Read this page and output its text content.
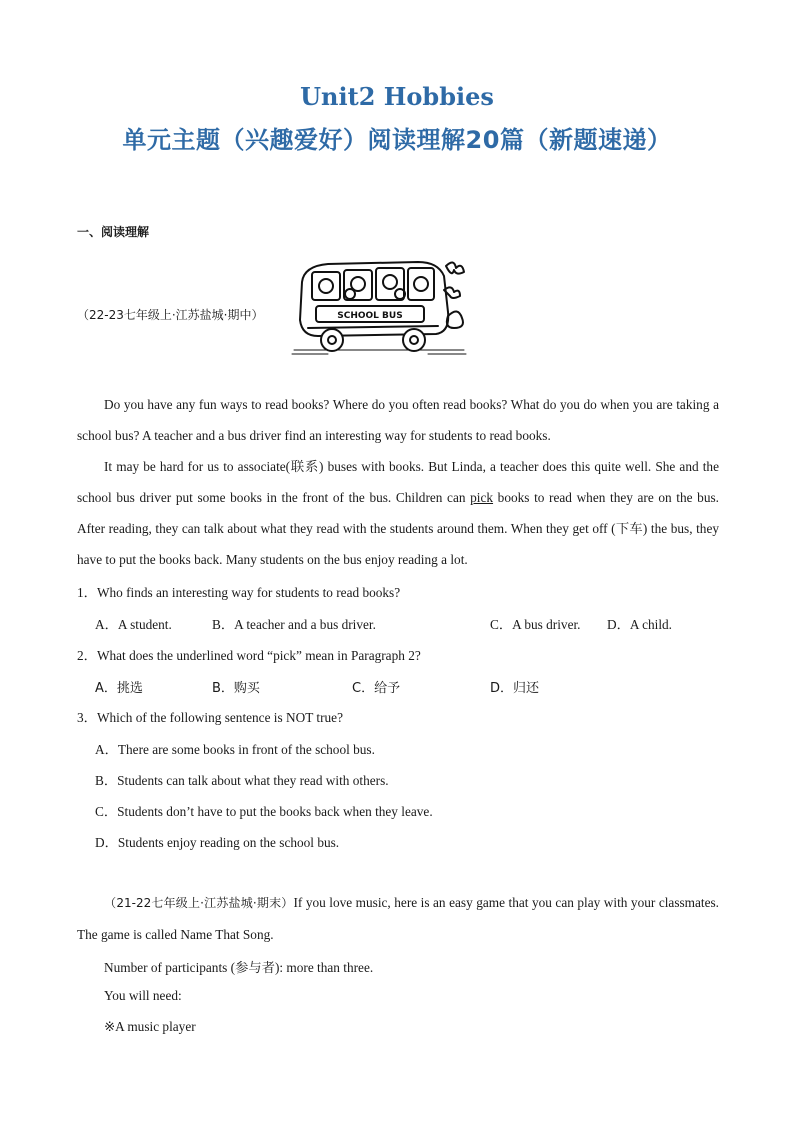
Unit2 Hobbies
单元主题（兴趣爱好）阅读理解20篇（新题速递）
一、阅读理解
（22-23七年级上·江苏盐城·期中）	SCHOOL BUS

Do you have any fun ways to read books? Where do you often read books? What do you do when you are taking a school bus? A teacher and a bus driver find an interesting way for students to read books.

It may be hard for us to associate(联系) buses with books. But Linda, a teacher does this quite well. She and the school bus driver put some books in the front of the bus. Children can pick books to read when they are on the bus. After reading, they can talk about what they read with the students around them. When they get off (下车) the bus, they have to put the books back. Many students on the bus enjoy reading a lot.

1．Who finds an interesting way for students to read books?
A．A student.	B．A teacher and a bus driver.	C．A bus driver. D．A child.
2．What does the underlined word “pick” mean in Paragraph 2?
A．挑选	B．购买	C．给予	D．归还
3．Which of the following sentence is NOT true?
A．There are some books in front of the school bus.
B．Students can talk about what they read with others.
C．Students don’t have to put the books back when they leave.
D．Students enjoy reading on the school bus.

（21-22七年级上·江苏盐城·期末）If you love music, here is an easy game that you can play with your classmates. The game is called Name That Song.

Number of participants (参与者): more than three.
You will need:
※A music player
